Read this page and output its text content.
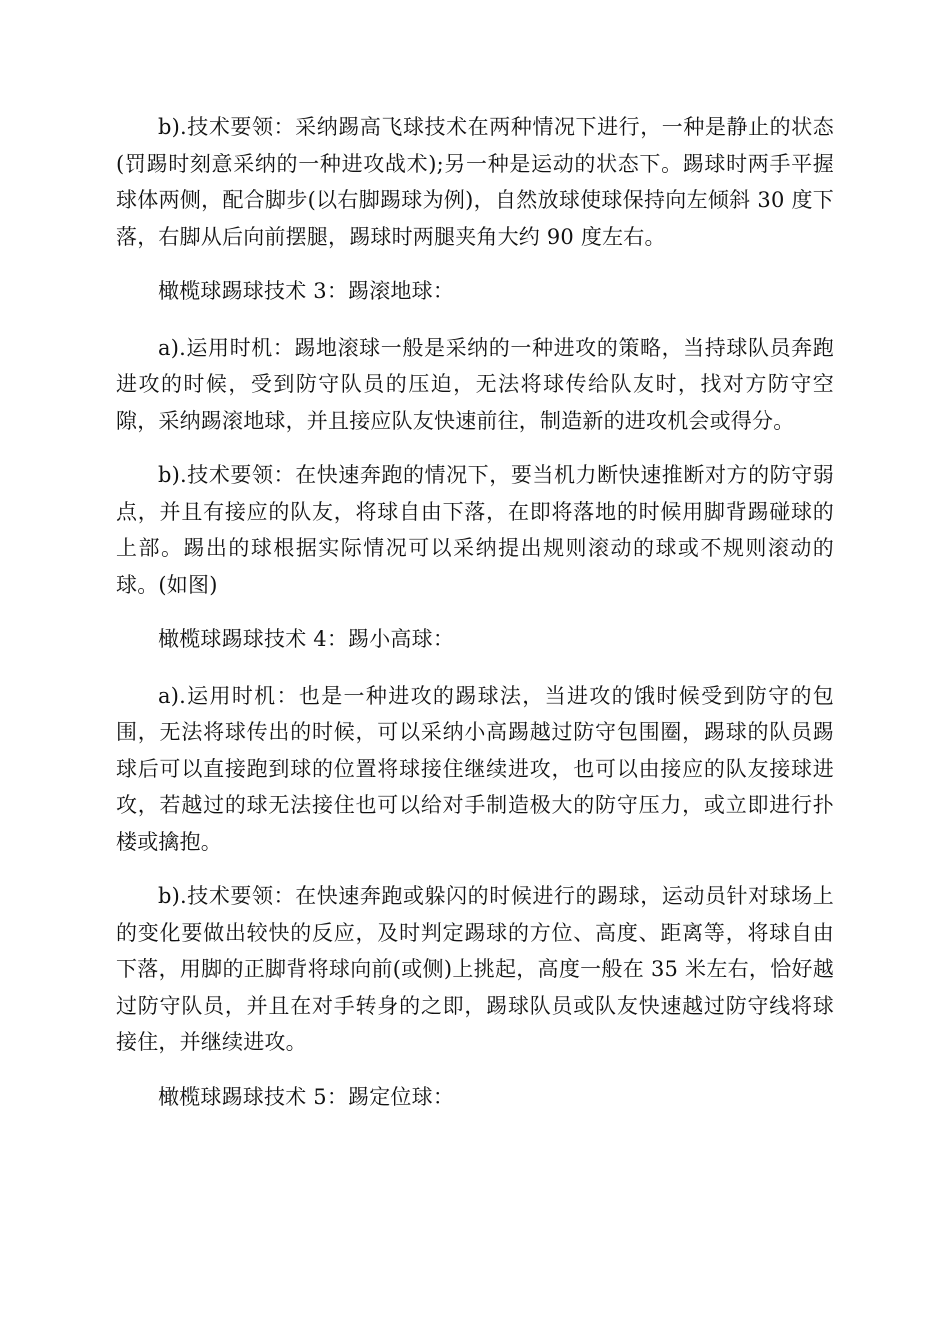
b).技术要领：采纳踢高飞球技术在两种情况下进行，一种是静止的状态(罚踢时刻意采纳的一种进攻战术);另一种是运动的状态下。踢球时两手平握球体两侧，配合脚步(以右脚踢球为例)，自然放球使球保持向左倾斜 30 度下落，右脚从后向前摆腿，踢球时两腿夹角大约 90 度左右。

橄榄球踢球技术 3：踢滚地球：

a).运用时机：踢地滚球一般是采纳的一种进攻的策略，当持球队员奔跑进攻的时候，受到防守队员的压迫，无法将球传给队友时，找对方防守空隙，采纳踢滚地球，并且接应队友快速前往，制造新的进攻机会或得分。

b).技术要领：在快速奔跑的情况下，要当机力断快速推断对方的防守弱点，并且有接应的队友，将球自由下落，在即将落地的时候用脚背踢碰球的上部。踢出的球根据实际情况可以采纳提出规则滚动的球或不规则滚动的球。(如图)

橄榄球踢球技术 4：踢小高球：

a).运用时机：也是一种进攻的踢球法，当进攻的饿时候受到防守的包围，无法将球传出的时候，可以采纳小高踢越过防守包围圈，踢球的队员踢球后可以直接跑到球的位置将球接住继续进攻，也可以由接应的队友接球进攻，若越过的球无法接住也可以给对手制造极大的防守压力，或立即进行扑楼或擒抱。

b).技术要领：在快速奔跑或躲闪的时候进行的踢球，运动员针对球场上的变化要做出较快的反应，及时判定踢球的方位、高度、距离等，将球自由下落，用脚的正脚背将球向前(或侧)上挑起，高度一般在 35 米左右，恰好越过防守队员，并且在对手转身的之即，踢球队员或队友快速越过防守线将球接住，并继续进攻。

橄榄球踢球技术 5：踢定位球：
